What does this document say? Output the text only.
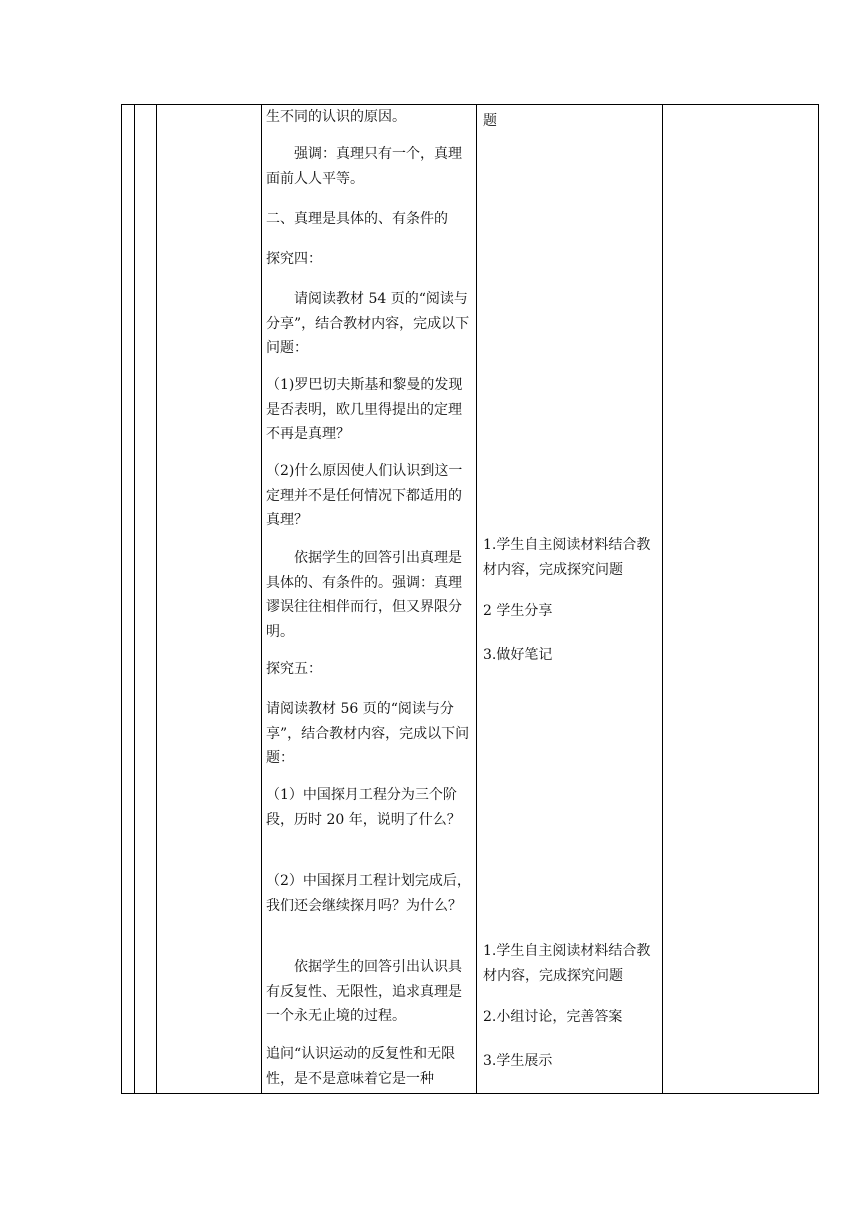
生不同的认识的原因。

强调：真理只有一个，真理面前人人平等。

二、真理是具体的、有条件的

探究四：

请阅读教材 54 页的“阅读与分享”，结合教材内容，完成以下问题：

（1)罗巴切夫斯基和黎曼的发现是否表明，欧几里得提出的定理不再是真理？

（2)什么原因使人们认识到这一定理并不是任何情况下都适用的真理？

依据学生的回答引出真理是具体的、有条件的。强调：真理谬误往往相伴而行，但又界限分明。

探究五：

请阅读教材 56 页的“阅读与分享”，结合教材内容，完成以下问题：

（1）中国探月工程分为三个阶段，历时 20 年，说明了什么？

（2）中国探月工程计划完成后，我们还会继续探月吗？为什么？

依据学生的回答引出认识具有反复性、无限性，追求真理是一个永无止境的过程。

追问“认识运动的反复性和无限性，是不是意味着它是一种

题

1.学生自主阅读材料结合教材内容，完成探究问题

2 学生分享

3.做好笔记

1.学生自主阅读材料结合教材内容，完成探究问题

2.小组讨论，完善答案

3.学生展示
